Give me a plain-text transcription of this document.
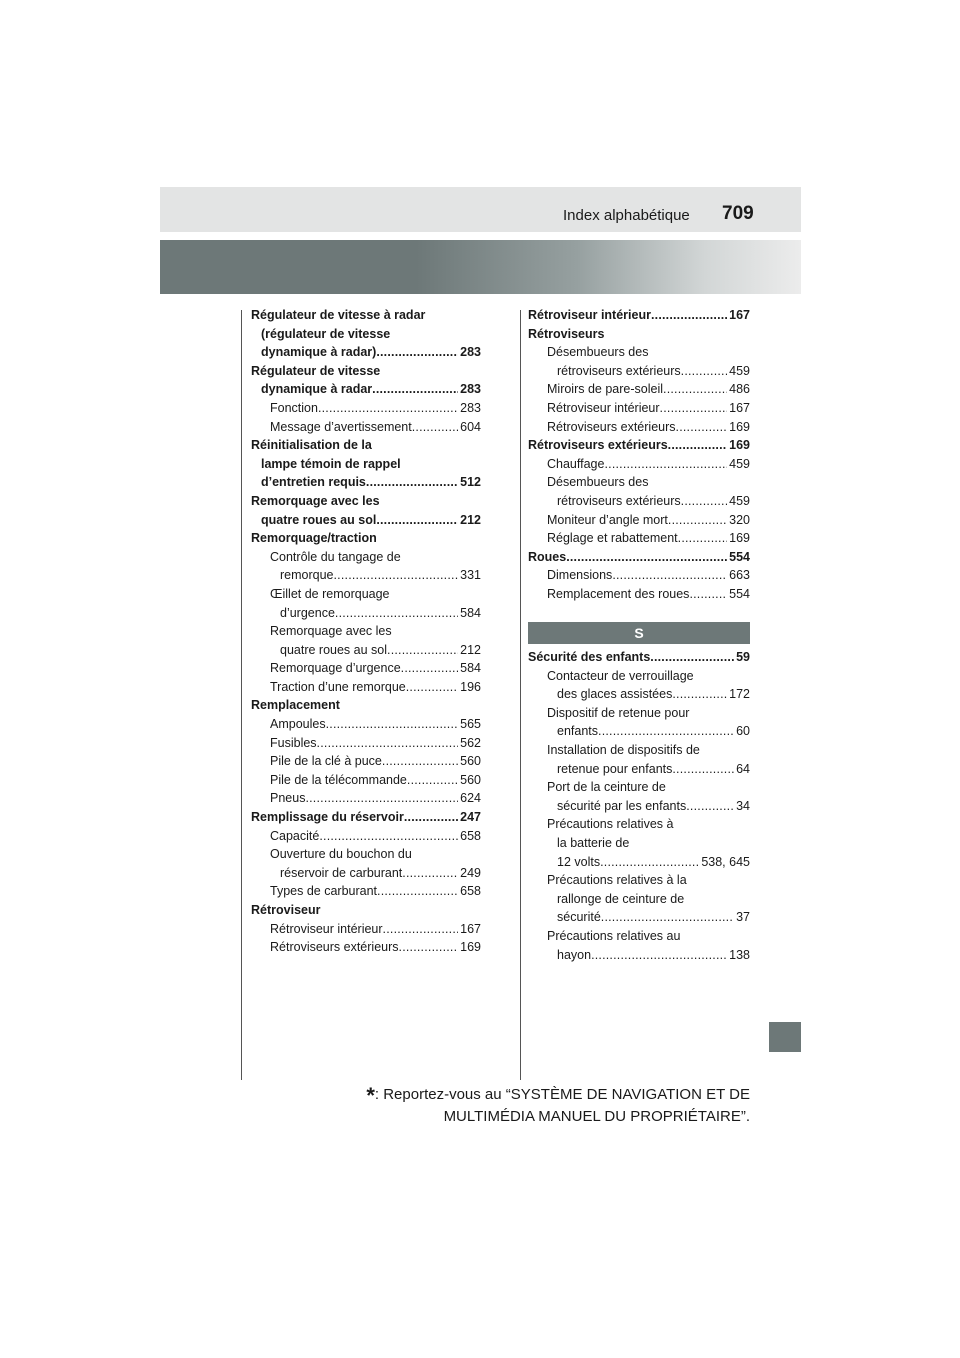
Index alphabétique 709
Régulateur de vitesse à radar
(régulateur de vitesse
dynamique à radar) .....	283
Régulateur de vitesse
dynamique à radar .....	283
Fonction .....	283
Message d’avertissement .....	604
Réinitialisation de la
lampe témoin de rappel
d’entretien requis .....	512
Remorquage avec les
quatre roues au sol .....	212
Remorquage/traction
Contrôle du tangage de
remorque .....	331
Œillet de remorquage
d’urgence .....	584
Remorquage avec les
quatre roues au sol .....	212
Remorquage d’urgence .....	584
Traction d’une remorque .....	196
Remplacement
Ampoules .....	565
Fusibles .....	562
Pile de la clé à puce .....	560
Pile de la télécommande .....	560
Pneus .....	624
Remplissage du réservoir .....	247
Capacité .....	658
Ouverture du bouchon du
réservoir de carburant .....	249
Types de carburant .....	658
Rétroviseur
Rétroviseur intérieur .....	167
Rétroviseurs extérieurs .....	169
Rétroviseur intérieur .....	167
Rétroviseurs
Désembueurs des
rétroviseurs extérieurs .....	459
Miroirs de pare-soleil .....	486
Rétroviseur intérieur .....	167
Rétroviseurs extérieurs .....	169
Rétroviseurs extérieurs .....	169
Chauffage .....	459
Désembueurs des
rétroviseurs extérieurs .....	459
Moniteur d’angle mort .....	320
Réglage et rabattement .....	169
Roues .....	554
Dimensions .....	663
Remplacement des roues .....	554
S
Sécurité des enfants .....	59
Contacteur de verrouillage
des glaces assistées .....	172
Dispositif de retenue pour
enfants .....	60
Installation de dispositifs de
retenue pour enfants .....	64
Port de la ceinture de
sécurité par les enfants .....	34
Précautions relatives à
la batterie de
12 volts .....	538, 645
Précautions relatives à la
rallonge de ceinture de
sécurité .....	37
Précautions relatives au
hayon .....	138
*: Reportez-vous au “SYSTÈME DE NAVIGATION ET DE
MULTIMÉDIA MANUEL DU PROPRIÉTAIRE”.
